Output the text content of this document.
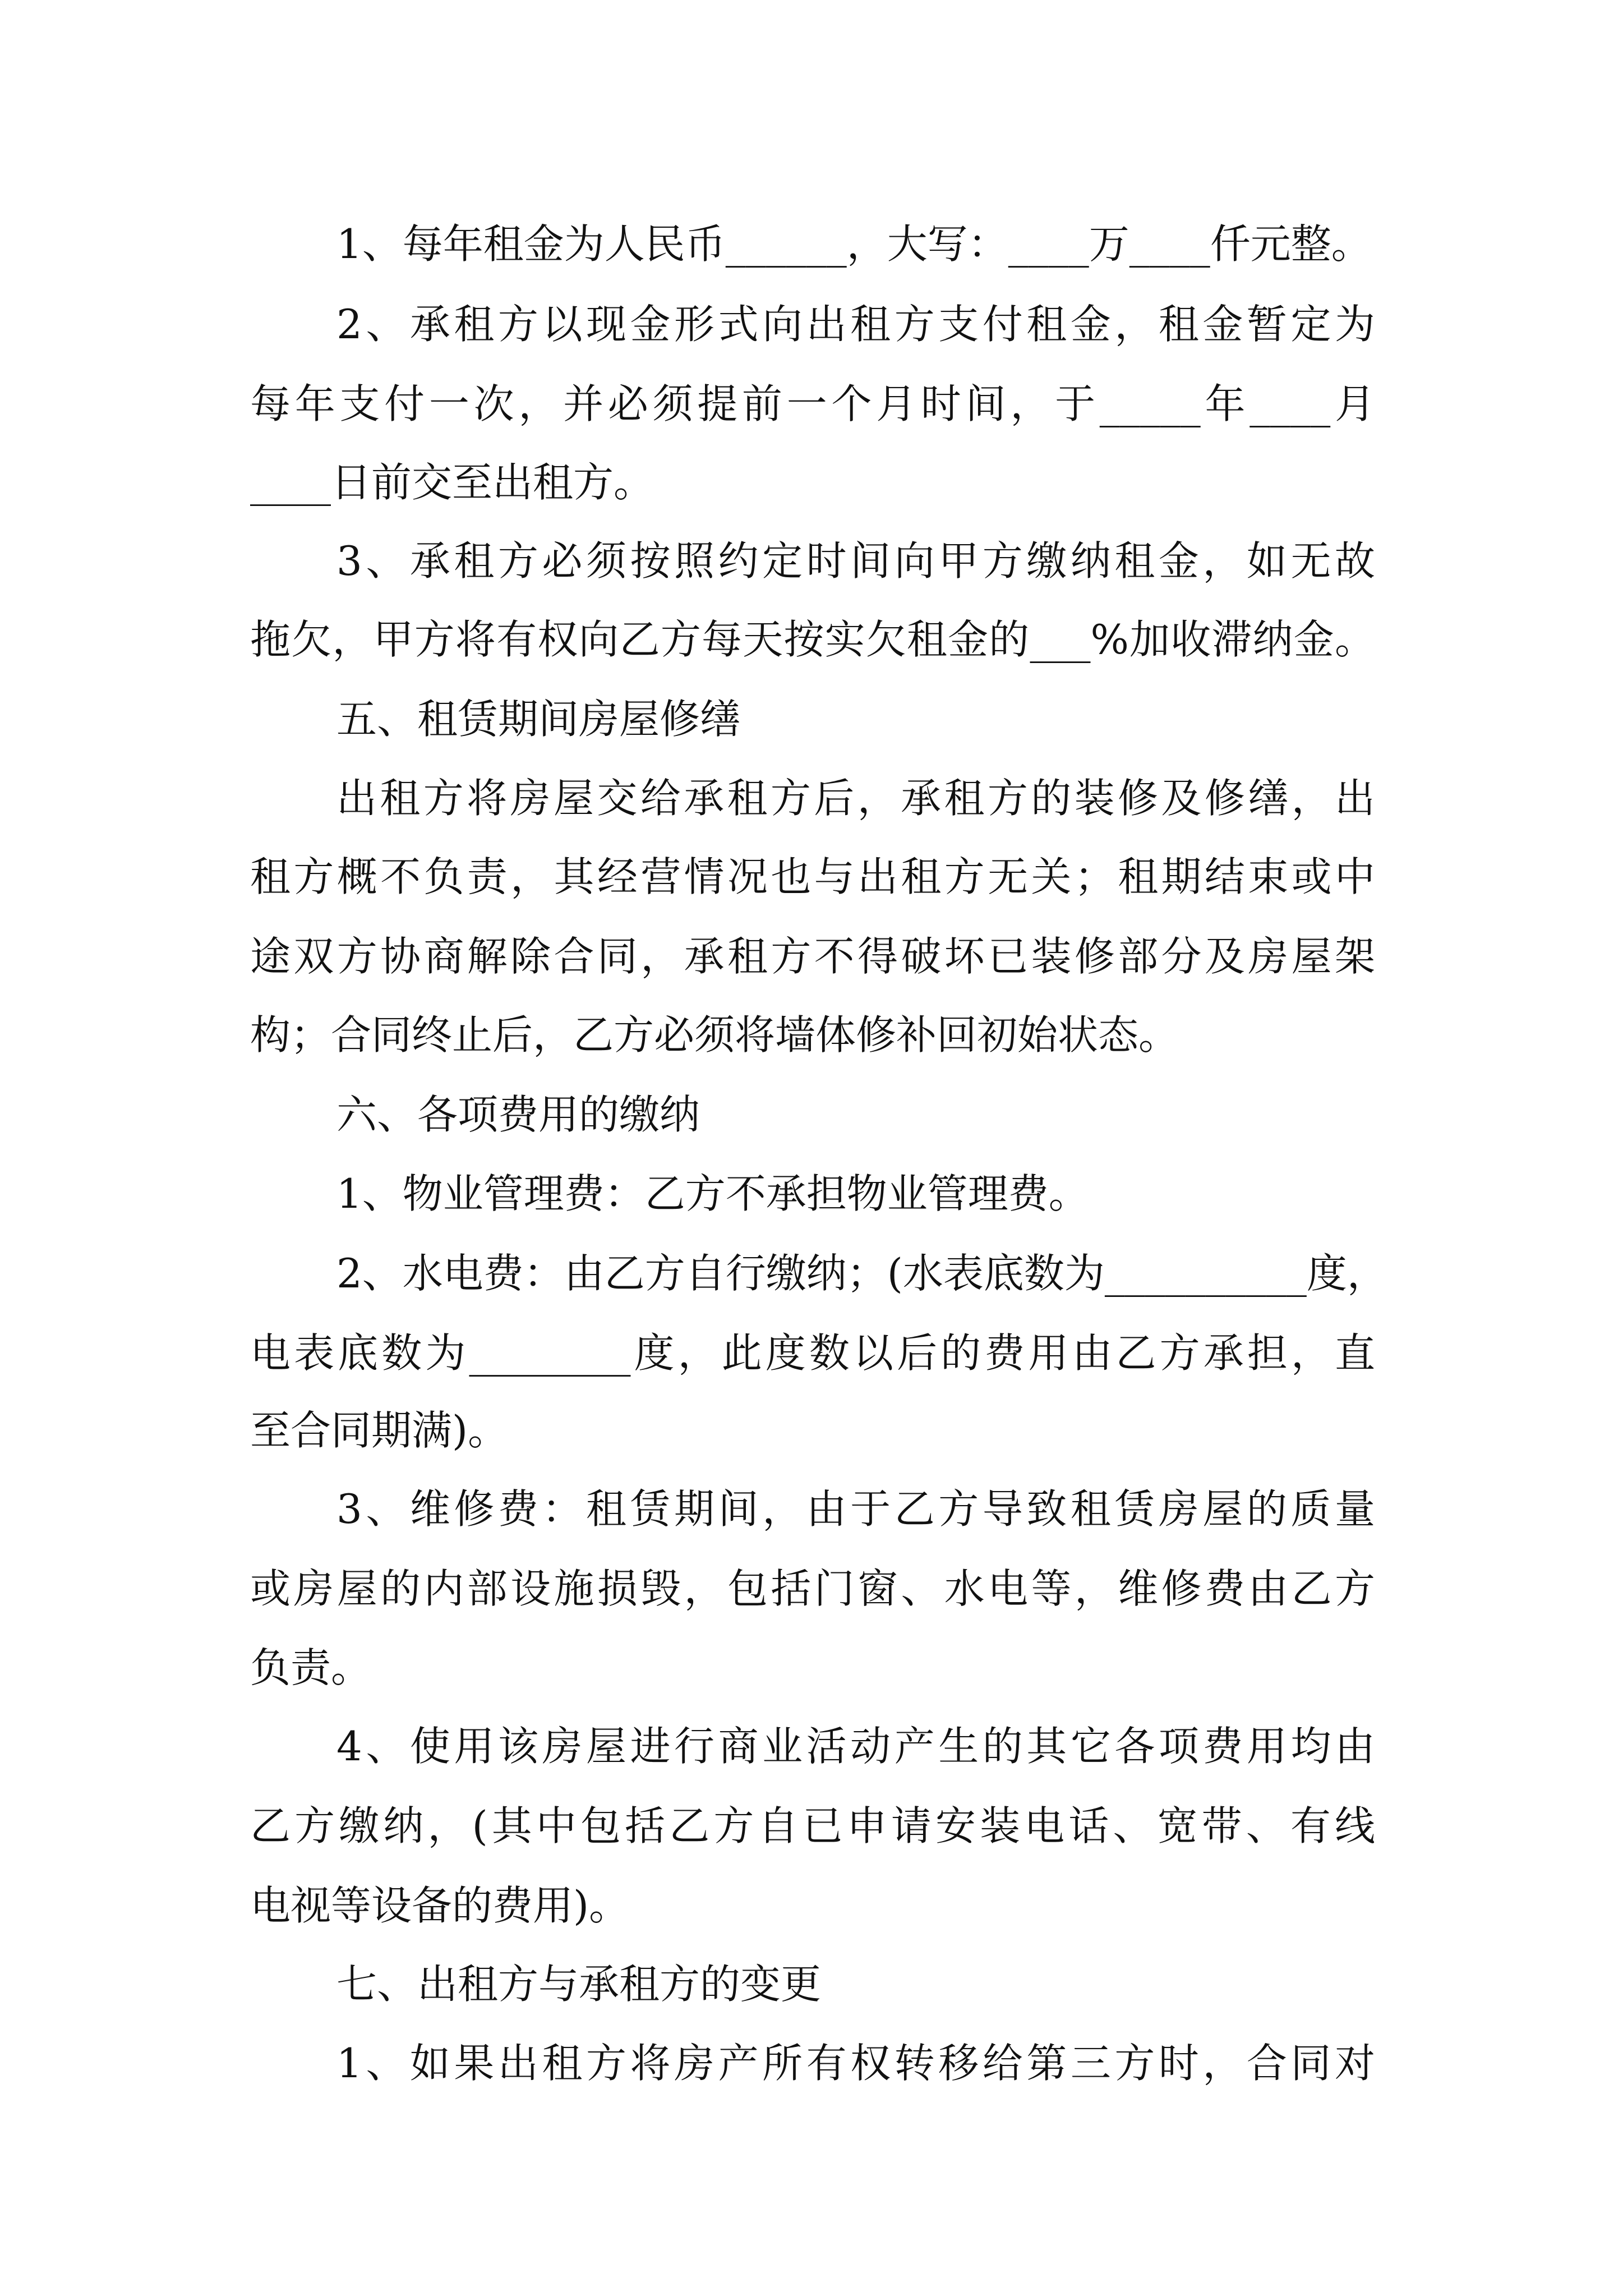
1、每年租金为人民币______，大写：____万____仟元整。

2、承租方以现金形式向出租方支付租金，租金暂定为

每年支付一次，并必须提前一个月时间，于_____年____月

____日前交至出租方。

3、承租方必须按照约定时间向甲方缴纳租金，如无故

拖欠，甲方将有权向乙方每天按实欠租金的___%加收滞纳金。

五、租赁期间房屋修缮

出租方将房屋交给承租方后，承租方的装修及修缮，出

租方概不负责，其经营情况也与出租方无关；租期结束或中

途双方协商解除合同，承租方不得破坏已装修部分及房屋架

构；合同终止后，乙方必须将墙体修补回初始状态。

六、各项费用的缴纳

1、物业管理费：乙方不承担物业管理费。

2、水电费：由乙方自行缴纳；(水表底数为__________度，

电表底数为________度，此度数以后的费用由乙方承担，直

至合同期满)。

3、维修费：租赁期间，由于乙方导致租赁房屋的质量

或房屋的内部设施损毁，包括门窗、水电等，维修费由乙方

负责。

4、使用该房屋进行商业活动产生的其它各项费用均由

乙方缴纳，(其中包括乙方自已申请安装电话、宽带、有线

电视等设备的费用)。

七、出租方与承租方的变更

1、如果出租方将房产所有权转移给第三方时，合同对
